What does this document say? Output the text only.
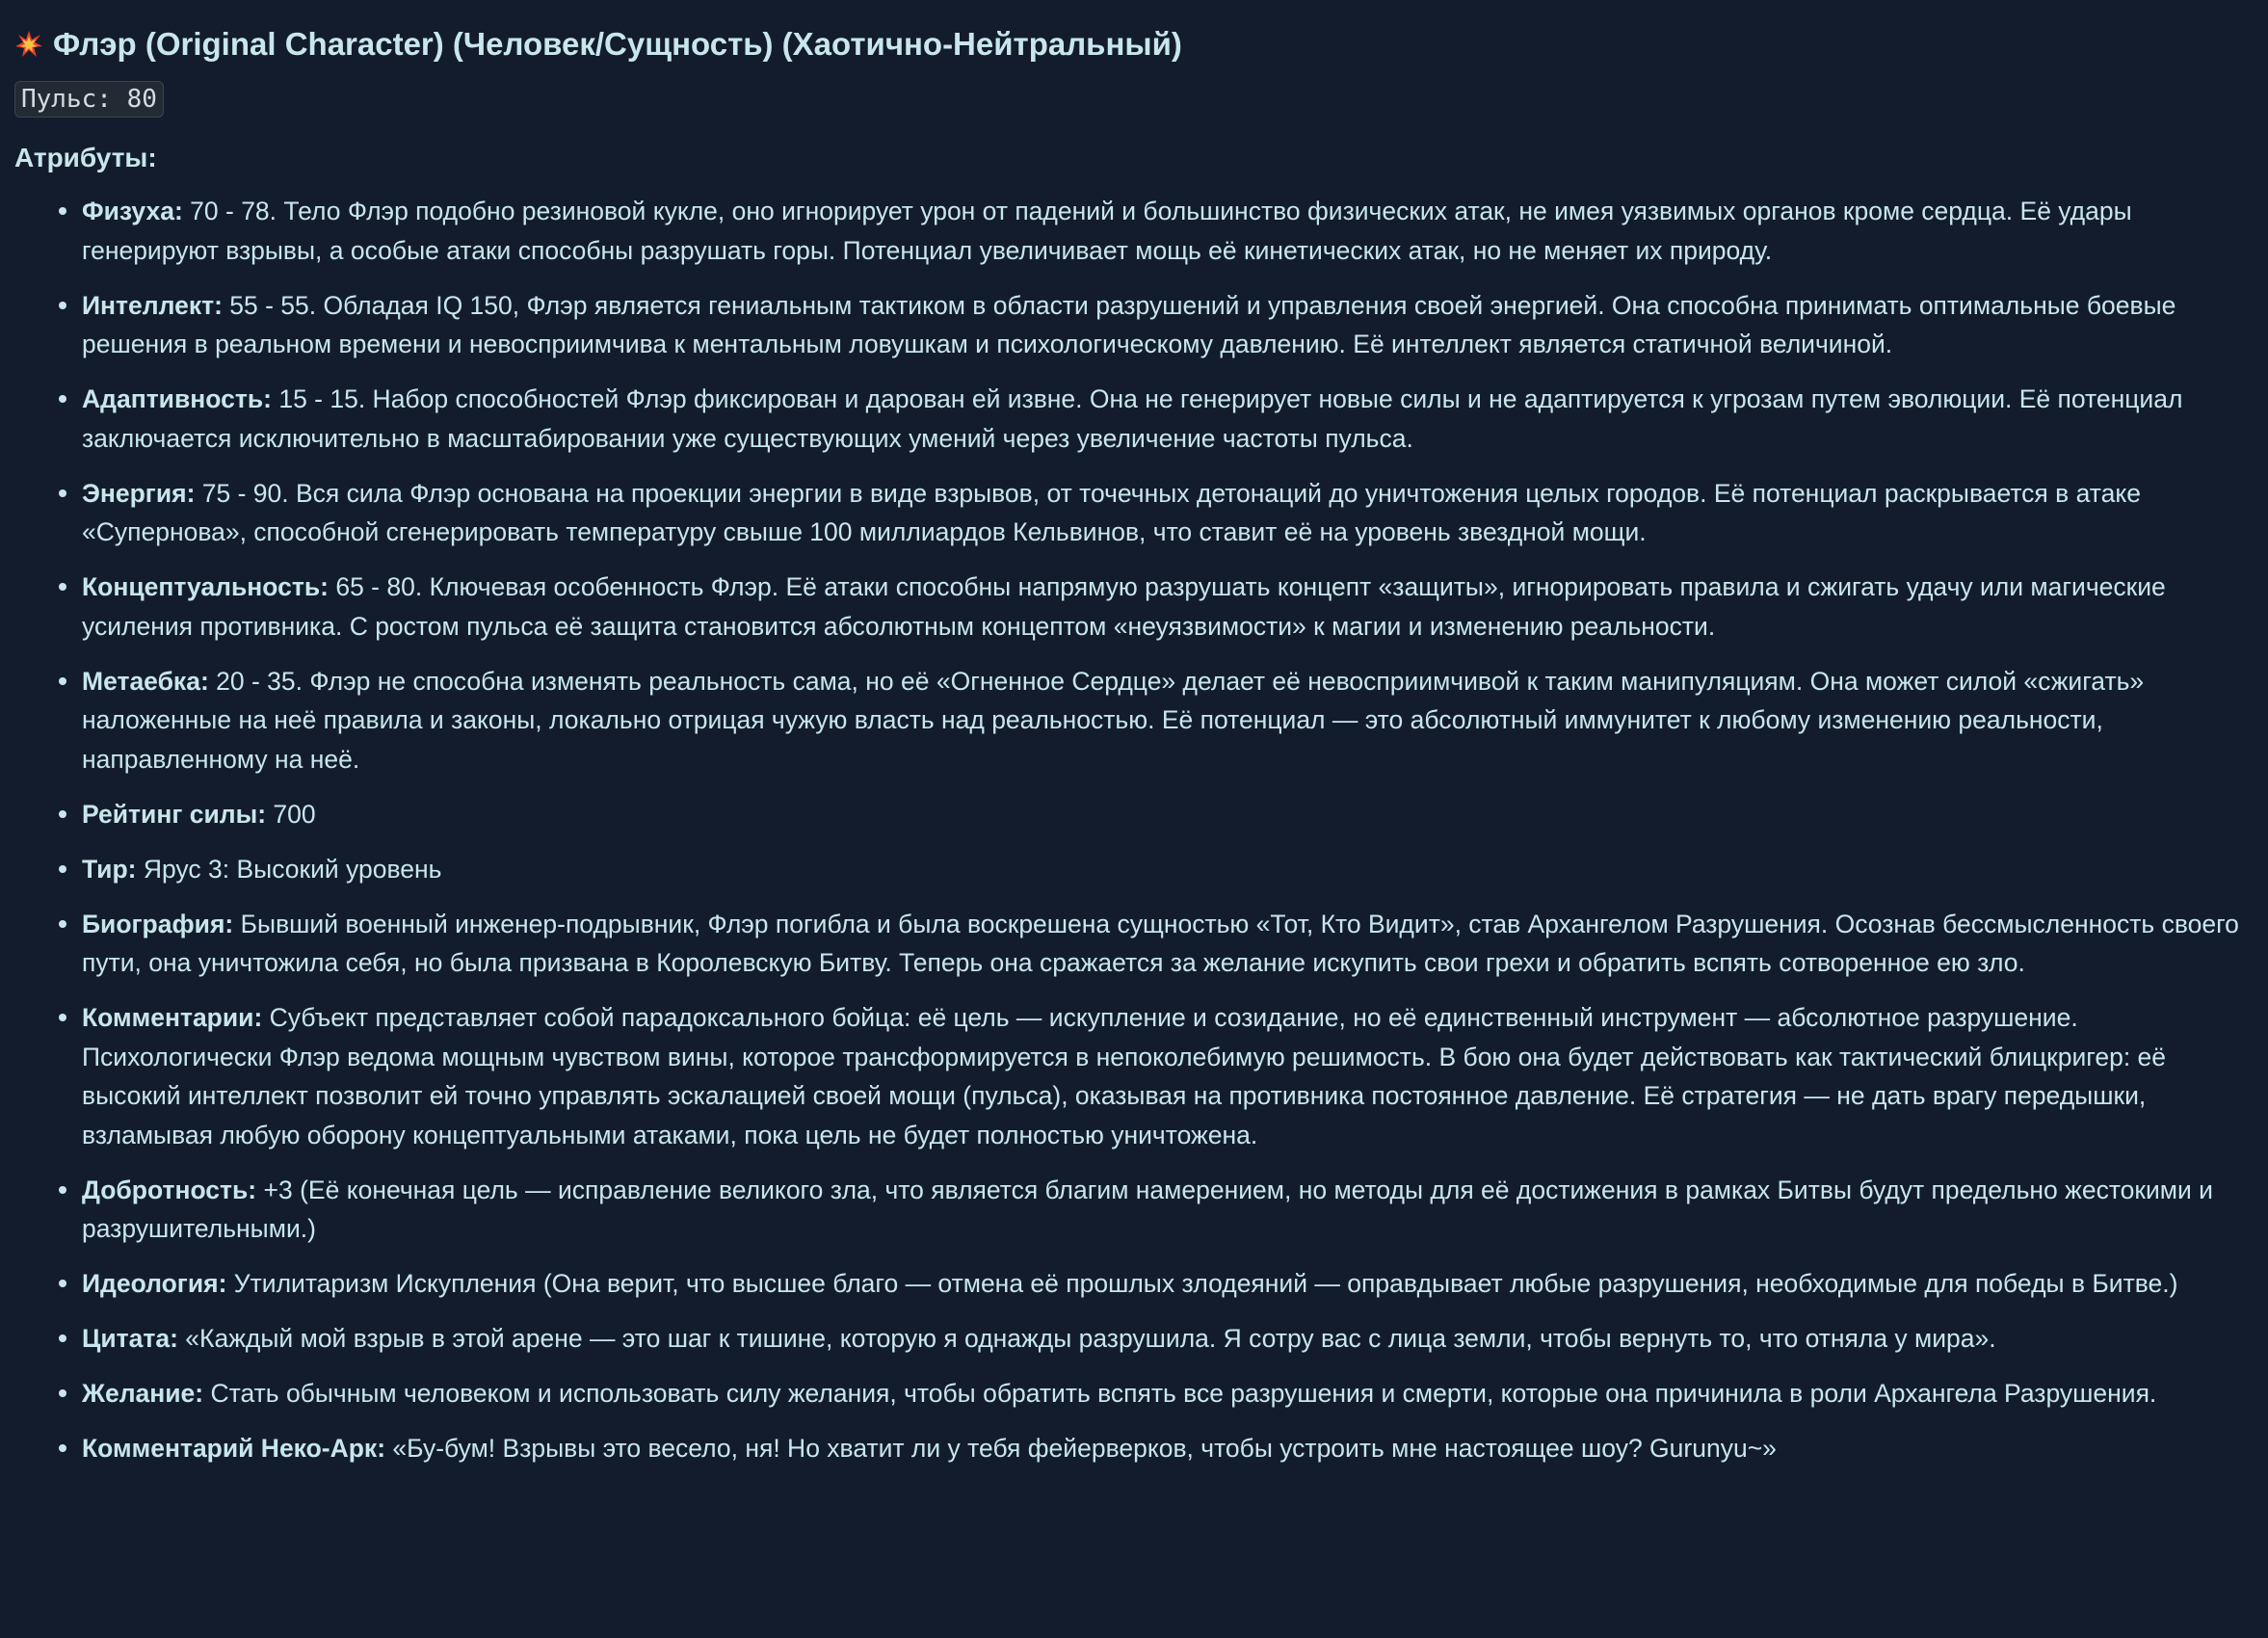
Флэр (Original Character) (Человек/Сущность) (Хаотично-Нейтральный)
Пульс: 80
Атрибуты:
Физуха: 70 - 78. Тело Флэр подобно резиновой кукле, оно игнорирует урон от падений и большинство физических атак, не имея уязвимых органов кроме сердца. Её удары генерируют взрывы, а особые атаки способны разрушать горы. Потенциал увеличивает мощь её кинетических атак, но не меняет их природу.
Интеллект: 55 - 55. Обладая IQ 150, Флэр является гениальным тактиком в области разрушений и управления своей энергией. Она способна принимать оптимальные боевые решения в реальном времени и невосприимчива к ментальным ловушкам и психологическому давлению. Её интеллект является статичной величиной.
Адаптивность: 15 - 15. Набор способностей Флэр фиксирован и дарован ей извне. Она не генерирует новые силы и не адаптируется к угрозам путем эволюции. Её потенциал заключается исключительно в масштабировании уже существующих умений через увеличение частоты пульса.
Энергия: 75 - 90. Вся сила Флэр основана на проекции энергии в виде взрывов, от точечных детонаций до уничтожения целых городов. Её потенциал раскрывается в атаке «Супернова», способной сгенерировать температуру свыше 100 миллиардов Кельвинов, что ставит её на уровень звездной мощи.
Концептуальность: 65 - 80. Ключевая особенность Флэр. Её атаки способны напрямую разрушать концепт «защиты», игнорировать правила и сжигать удачу или магические усиления противника. С ростом пульса её защита становится абсолютным концептом «неуязвимости» к магии и изменению реальности.
Метаебка: 20 - 35. Флэр не способна изменять реальность сама, но её «Огненное Сердце» делает её невосприимчивой к таким манипуляциям. Она может силой «сжигать» наложенные на неё правила и законы, локально отрицая чужую власть над реальностью. Её потенциал — это абсолютный иммунитет к любому изменению реальности, направленному на неё.
Рейтинг силы: 700
Тир: Ярус 3: Высокий уровень
Биография: Бывший военный инженер-подрывник, Флэр погибла и была воскрешена сущностью «Тот, Кто Видит», став Архангелом Разрушения. Осознав бессмысленность своего пути, она уничтожила себя, но была призвана в Королевскую Битву. Теперь она сражается за желание искупить свои грехи и обратить вспять сотворенное ею зло.
Комментарии: Субъект представляет собой парадоксального бойца: её цель — искупление и созидание, но её единственный инструмент — абсолютное разрушение. Психологически Флэр ведома мощным чувством вины, которое трансформируется в непоколебимую решимость. В бою она будет действовать как тактический блицкригер: её высокий интеллект позволит ей точно управлять эскалацией своей мощи (пульса), оказывая на противника постоянное давление. Её стратегия — не дать врагу передышки, взламывая любую оборону концептуальными атаками, пока цель не будет полностью уничтожена.
Добротность: +3 (Её конечная цель — исправление великого зла, что является благим намерением, но методы для её достижения в рамках Битвы будут предельно жестокими и разрушительными.)
Идеология: Утилитаризм Искупления (Она верит, что высшее благо — отмена её прошлых злодеяний — оправдывает любые разрушения, необходимые для победы в Битве.)
Цитата: «Каждый мой взрыв в этой арене — это шаг к тишине, которую я однажды разрушила. Я сотру вас с лица земли, чтобы вернуть то, что отняла у мира».
Желание: Стать обычным человеком и использовать силу желания, чтобы обратить вспять все разрушения и смерти, которые она причинила в роли Архангела Разрушения.
Комментарий Неко-Арк: «Бу-бум! Взрывы это весело, ня! Но хватит ли у тебя фейерверков, чтобы устроить мне настоящее шоу? Gurunyu~»
